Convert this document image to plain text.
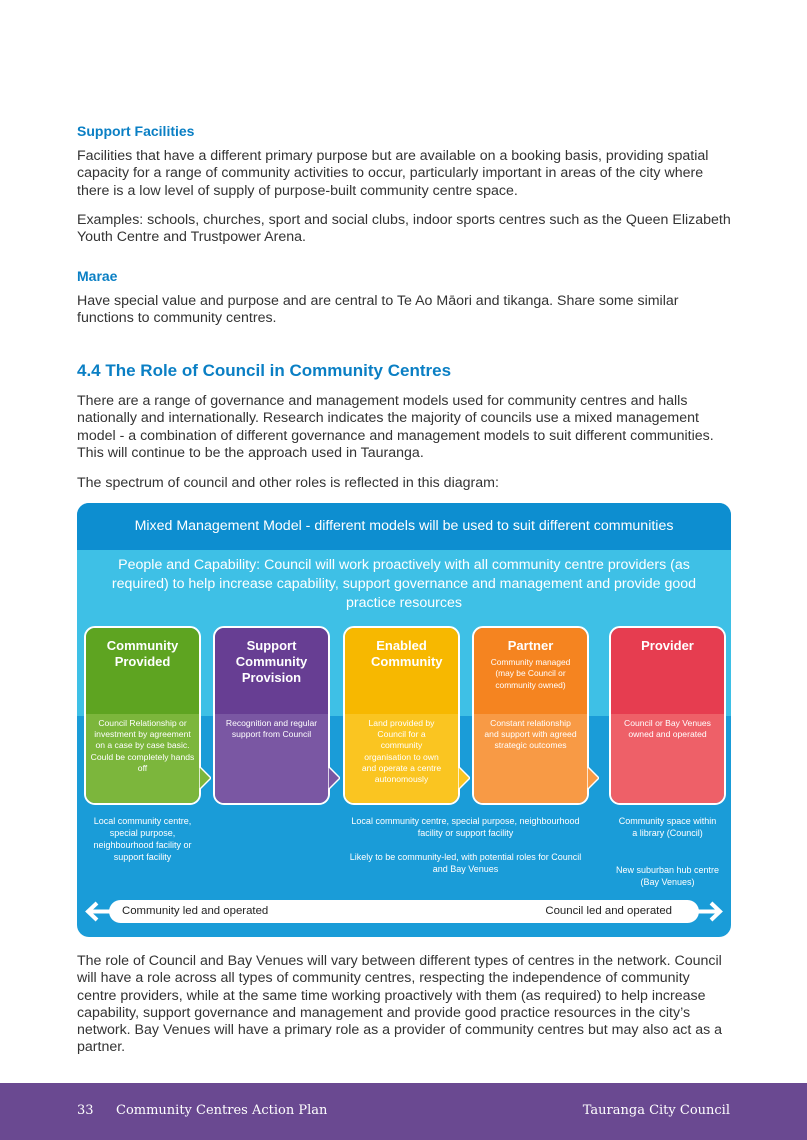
Support Facilities

Facilities that have a different primary purpose but are available on a booking basis, providing spatial capacity for a range of community activities to occur, particularly important in areas of the city where there is a low level of supply of purpose-built community centre space.

Examples: schools, churches, sport and social clubs, indoor sports centres such as the Queen Elizabeth Youth Centre and Trustpower Arena.

Marae

Have special value and purpose and are central to Te Ao Māori and tikanga. Share some similar functions to community centres.

4.4 The Role of Council in Community Centres

There are a range of governance and management models used for community centres and halls nationally and internationally. Research indicates the majority of councils use a mixed management model - a combination of different governance and management models to suit different communities. This will continue to be the approach used in Tauranga.

The spectrum of council and other roles is reflected in this diagram:

Mixed Management Model - different models will be used to suit different communities
People and Capability: Council will work proactively with all community centre providers (as required) to help increase capability, support governance and management and provide good practice resources
Community Provided
Council Relationship or investment by agreement on a case by case basic. Could be completely hands off
Support Community Provision
Recognition and regular support from Council
Enabled Community
Land provided by Council for a community organisation to own and operate a centre autonomously
Partner
Community managed (may be Council or community owned)
Constant relationship and support with agreed strategic outcomes
Provider
Council or Bay Venues owned and operated
Local community centre, special purpose, neighbourhood facility or support facility
Local community centre, special purpose, neighbourhood facility or support facility
Likely to be community-led, with potential roles for Council and Bay Venues
Community space within a library (Council)
New suburban hub centre (Bay Venues)
Community led and operated	Council led and operated

The role of Council and Bay Venues will vary between different types of centres in the network. Council will have a role across all types of community centres, respecting the independence of community centre providers, while at the same time working proactively with them (as required) to help increase capability, support governance and management and provide good practice resources in the city’s network. Bay Venues will have a primary role as a provider of community centres but may also act as a partner.

33 Community Centres Action Plan	Tauranga City Council
